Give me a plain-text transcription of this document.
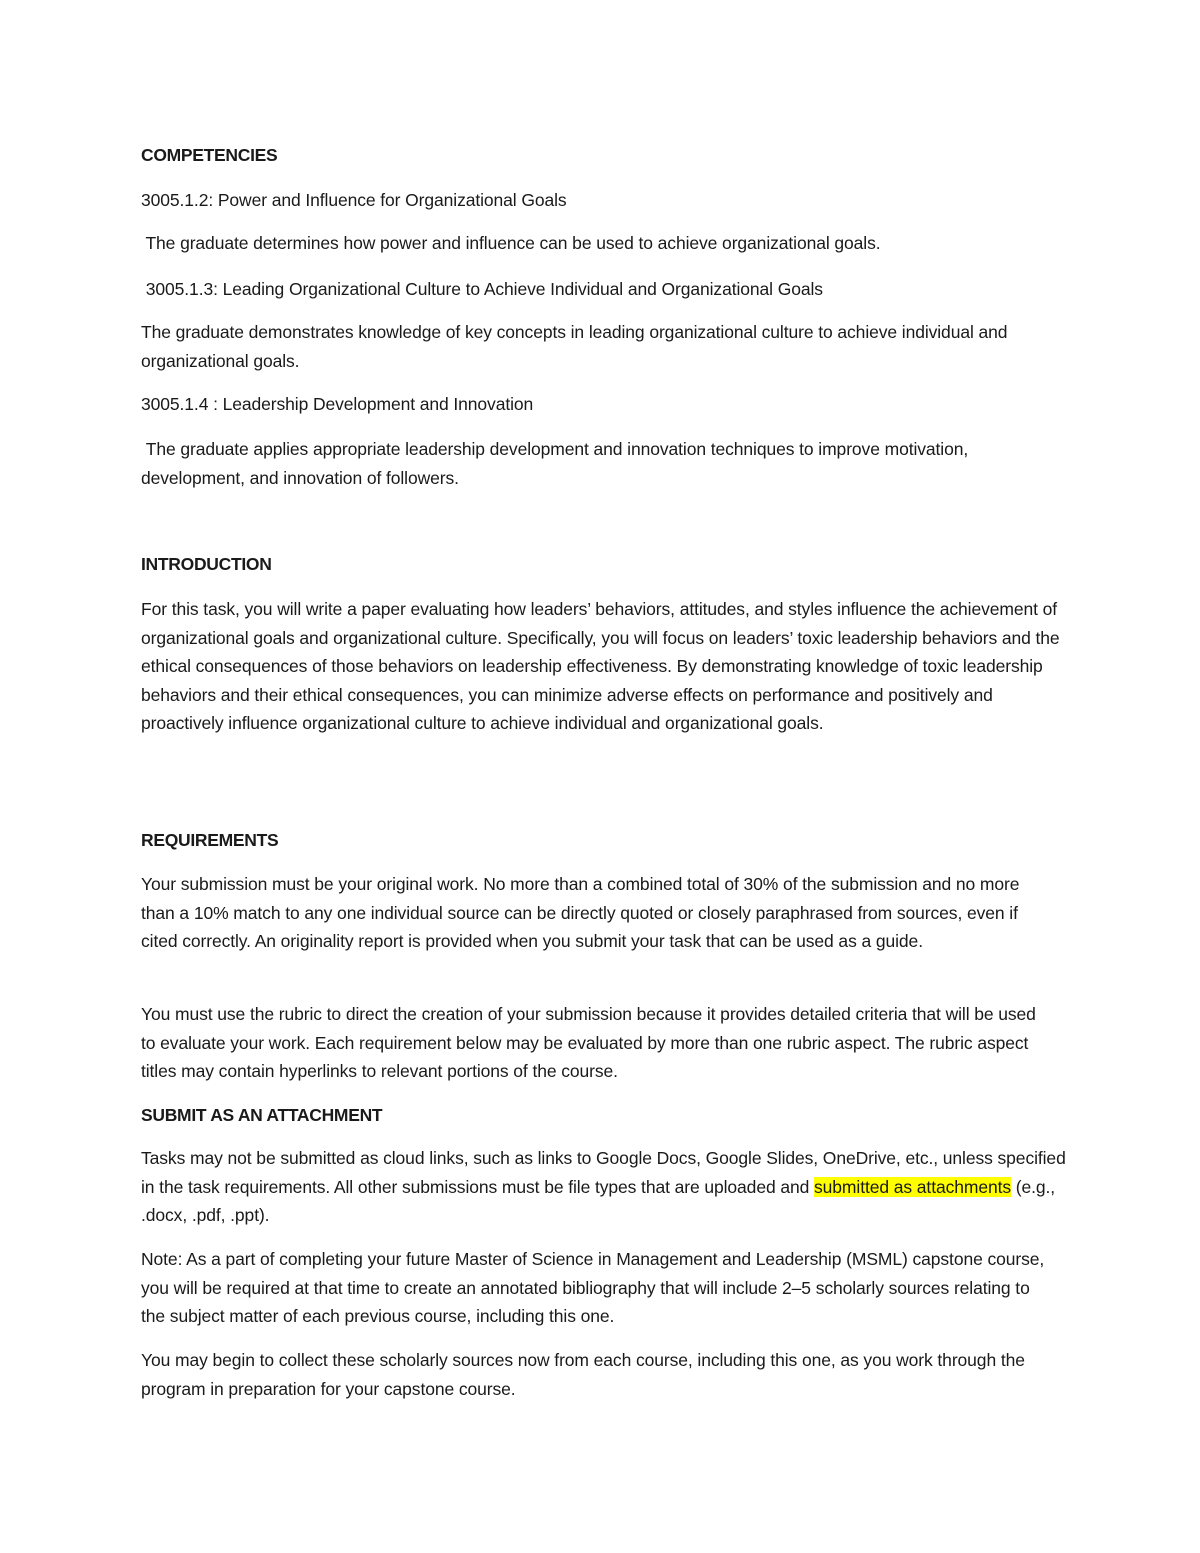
COMPETENCIES

3005.1.2: Power and Influence for Organizational Goals

The graduate determines how power and influence can be used to achieve organizational goals.

3005.1.3: Leading Organizational Culture to Achieve Individual and Organizational Goals

The graduate demonstrates knowledge of key concepts in leading organizational culture to achieve individual and organizational goals.

3005.1.4 : Leadership Development and Innovation

The graduate applies appropriate leadership development and innovation techniques to improve motivation, development, and innovation of followers.

INTRODUCTION

For this task, you will write a paper evaluating how leaders’ behaviors, attitudes, and styles influence the achievement of organizational goals and organizational culture. Specifically, you will focus on leaders’ toxic leadership behaviors and the ethical consequences of those behaviors on leadership effectiveness. By demonstrating knowledge of toxic leadership behaviors and their ethical consequences, you can minimize adverse effects on performance and positively and proactively influence organizational culture to achieve individual and organizational goals.

REQUIREMENTS

Your submission must be your original work. No more than a combined total of 30% of the submission and no more than a 10% match to any one individual source can be directly quoted or closely paraphrased from sources, even if cited correctly. An originality report is provided when you submit your task that can be used as a guide.

You must use the rubric to direct the creation of your submission because it provides detailed criteria that will be used to evaluate your work. Each requirement below may be evaluated by more than one rubric aspect. The rubric aspect titles may contain hyperlinks to relevant portions of the course.

SUBMIT AS AN ATTACHMENT

Tasks may not be submitted as cloud links, such as links to Google Docs, Google Slides, OneDrive, etc., unless specified in the task requirements. All other submissions must be file types that are uploaded and submitted as attachments (e.g., .docx, .pdf, .ppt).

Note: As a part of completing your future Master of Science in Management and Leadership (MSML) capstone course, you will be required at that time to create an annotated bibliography that will include 2–5 scholarly sources relating to the subject matter of each previous course, including this one.

You may begin to collect these scholarly sources now from each course, including this one, as you work through the program in preparation for your capstone course.
